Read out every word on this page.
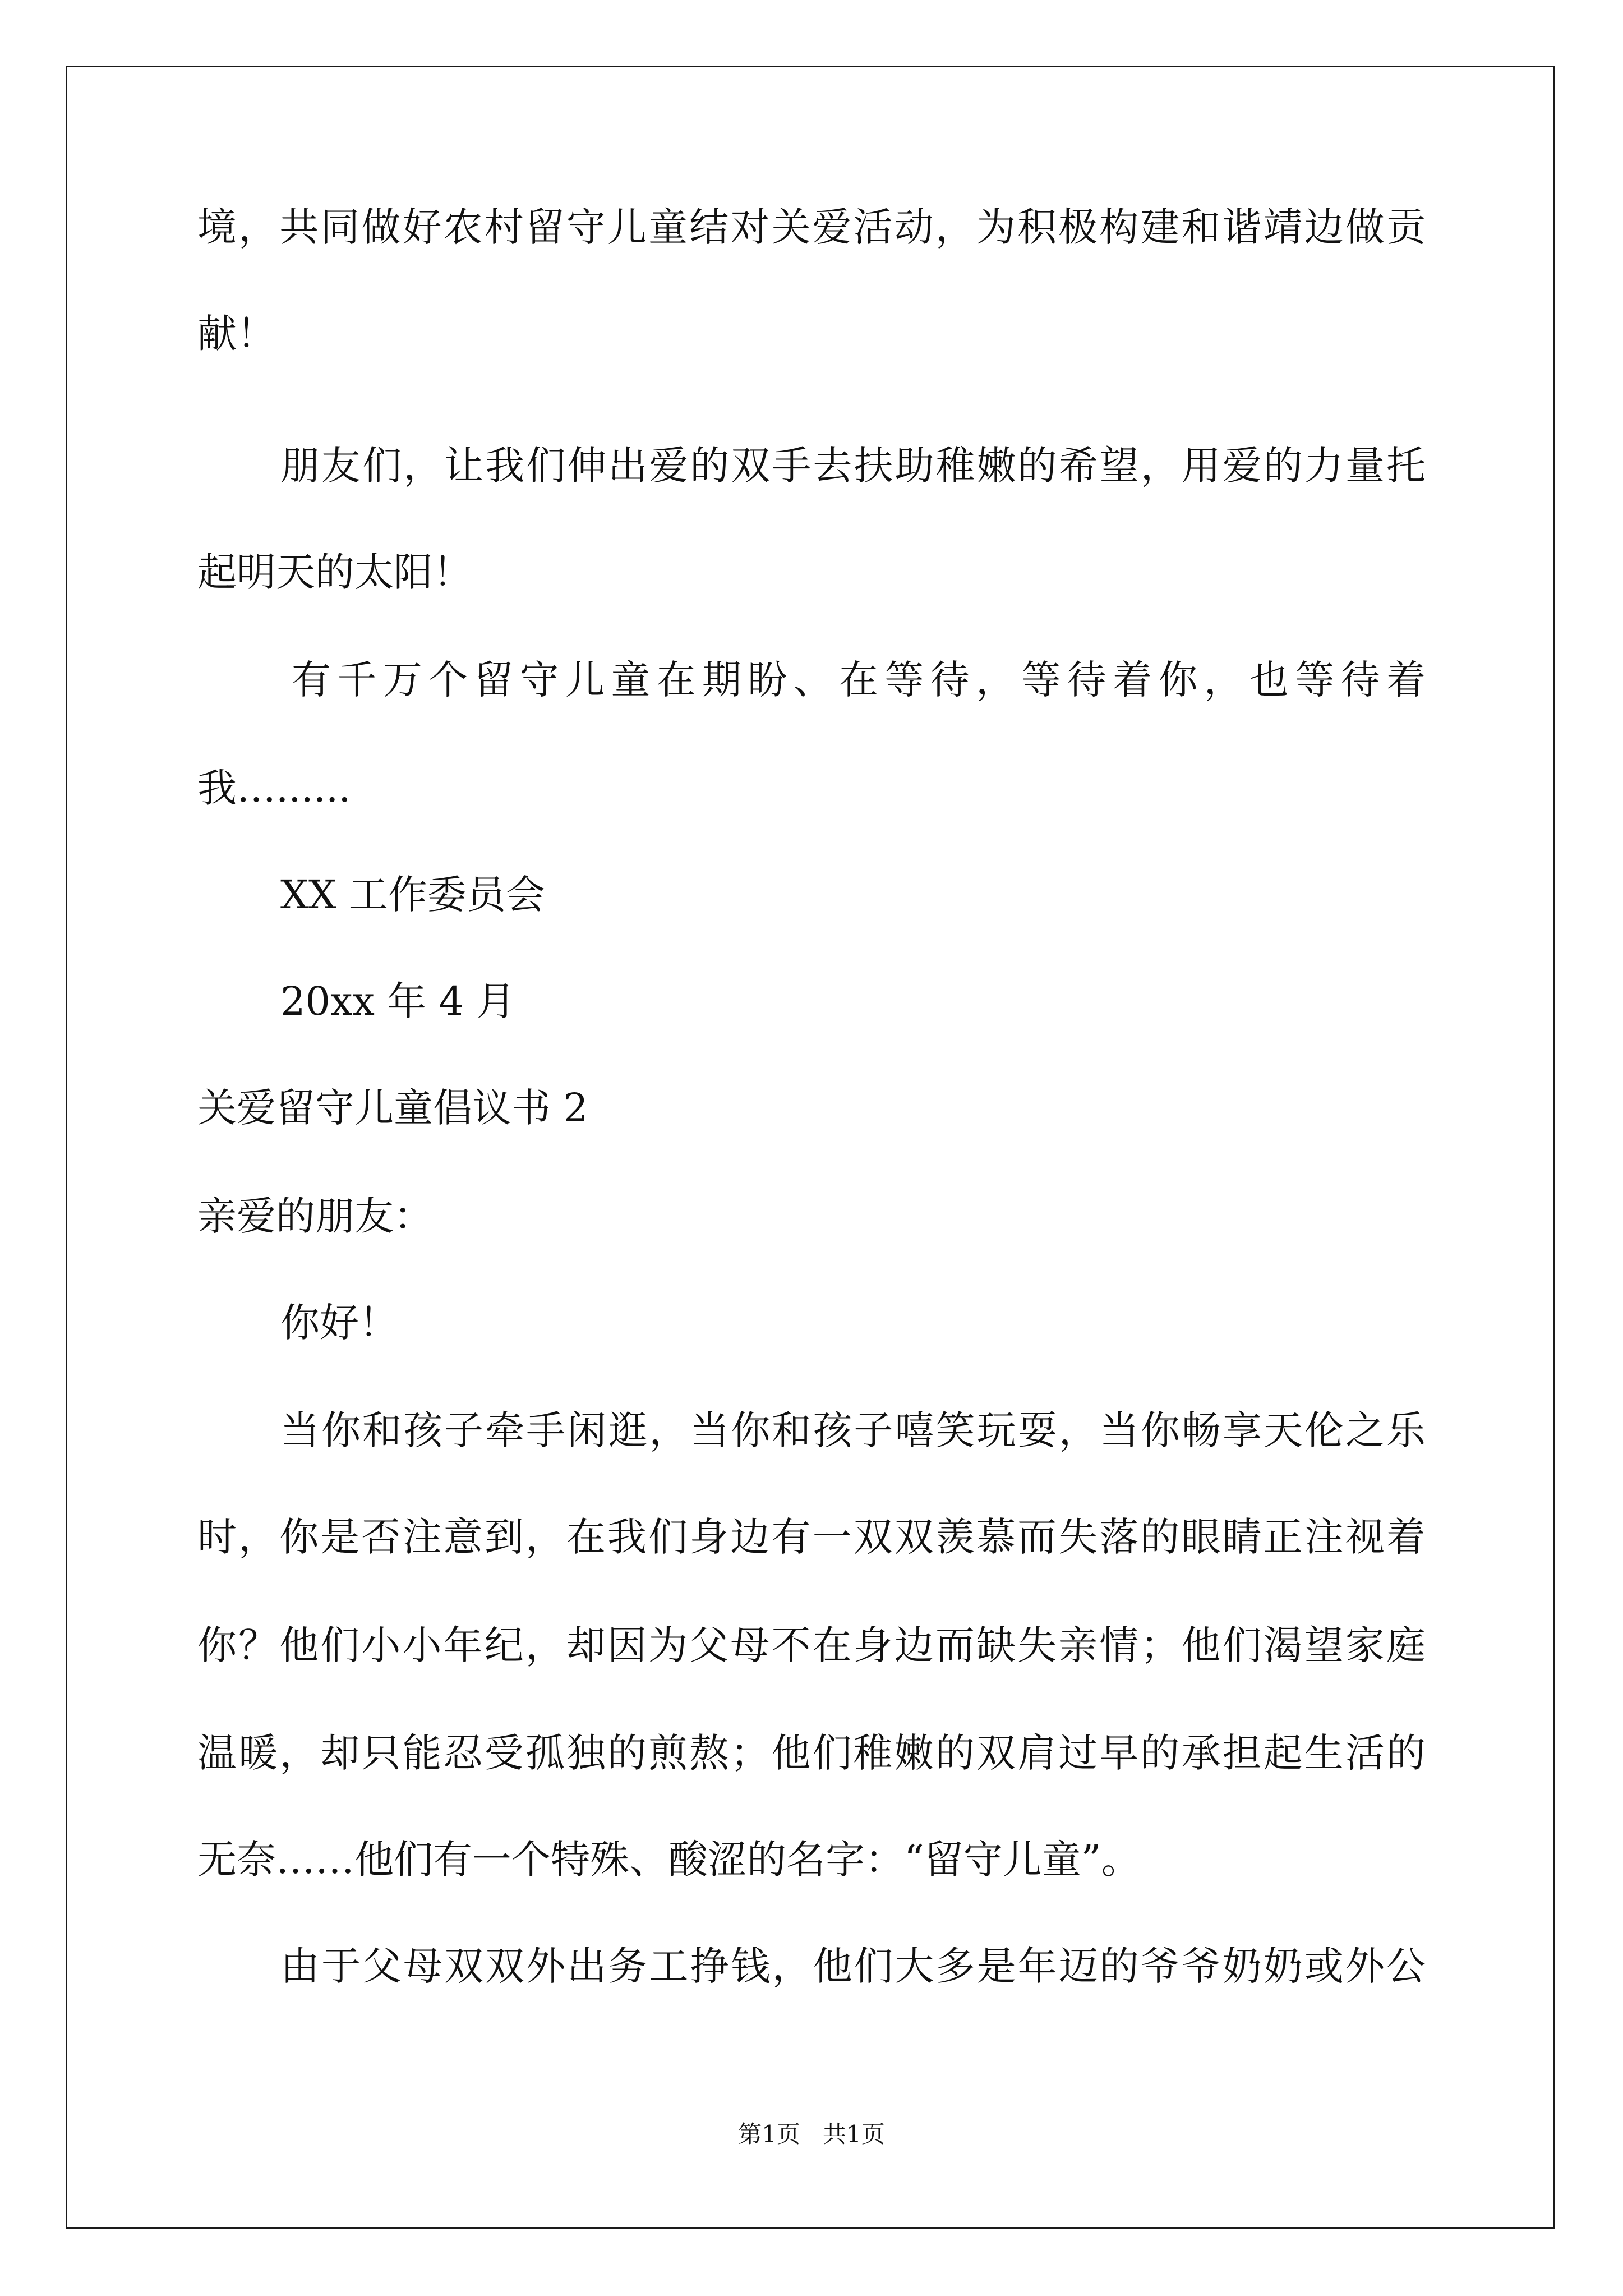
境，共同做好农村留守儿童结对关爱活动，为积极构建和谐靖边做贡
献！
朋友们，让我们伸出爱的双手去扶助稚嫩的希望，用爱的力量托
起明天的太阳！
有千万个留守儿童在期盼、在等待，等待着你，也等待着
我…......
XX 工作委员会
20xx 年 4 月
关爱留守儿童倡议书 2
亲爱的朋友：
你好！
当你和孩子牵手闲逛，当你和孩子嘻笑玩耍，当你畅享天伦之乐
时，你是否注意到，在我们身边有一双双羡慕而失落的眼睛正注视着
你？他们小小年纪，却因为父母不在身边而缺失亲情；他们渴望家庭
温暖，却只能忍受孤独的煎熬；他们稚嫩的双肩过早的承担起生活的
无奈……他们有一个特殊、酸涩的名字：“留守儿童”。
由于父母双双外出务工挣钱，他们大多是年迈的爷爷奶奶或外公
第1页   共1页
